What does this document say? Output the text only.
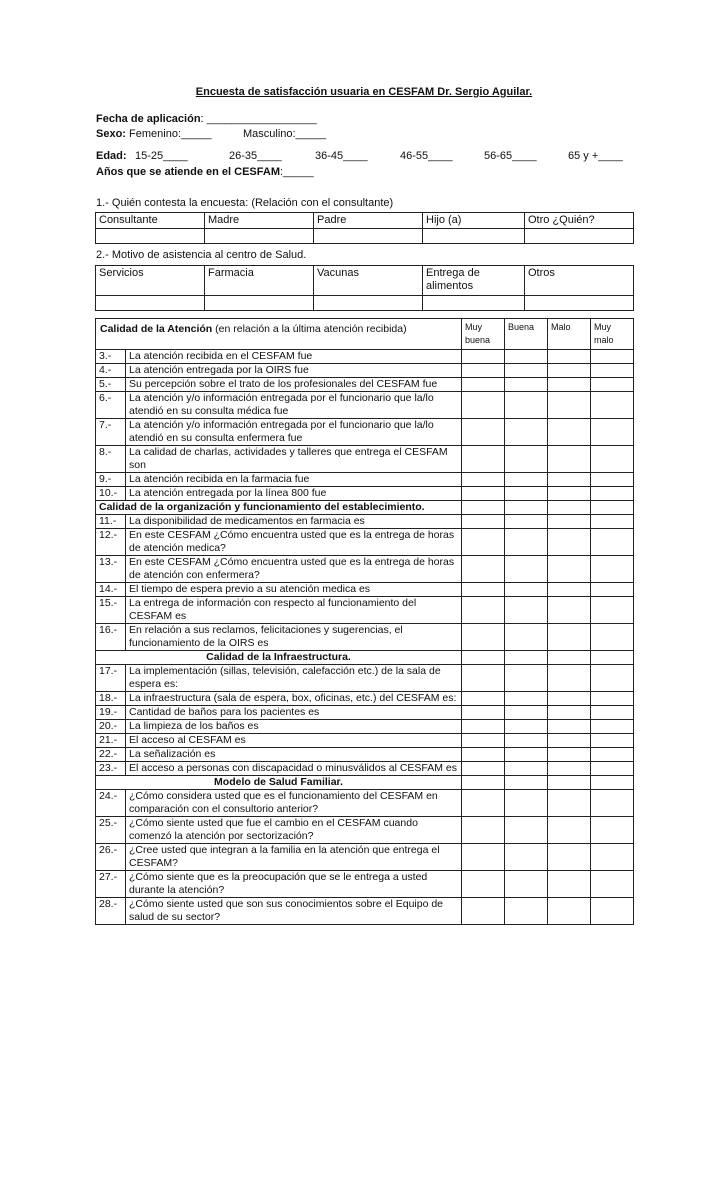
Encuesta de satisfacción usuaria en CESFAM Dr. Sergio Aguilar.
Fecha de aplicación: __________________
Sexo: Femenino:_____	Masculino:_____
Edad: 15-25____	26-35____	36-45____	46-55____	56-65____	65 y +____
Años que se atiende en el CESFAM:_____
1.- Quién contesta la encuesta: (Relación con el consultante)
Consultante	Madre	Padre	Hijo (a)	Otro ¿Quién?

2.- Motivo de asistencia al centro de Salud.
Servicios	Farmacia	Vacunas	Entrega de alimentos	Otros

Calidad de la Atención (en relación a la última atención recibida)		Muy buena	Buena	Malo	Muy malo
3.-	La atención recibida en el CESFAM fue				
4.-	La atención entregada por la OIRS fue				
5.-	Su percepción sobre el trato de los profesionales del CESFAM fue				
6.-	La atención y/o información entregada por el funcionario que la/lo atendió en su consulta médica fue				
7.-	La atención y/o información entregada por el funcionario que la/lo atendió en su consulta enfermera fue				
8.-	La calidad de charlas, actividades y talleres que entrega el CESFAM son				
9.-	La atención recibida en la farmacia fue				
10.-	La atención entregada por la línea 800 fue				
Calidad de la organización y funcionamiento del establecimiento.					
11.-	La disponibilidad de medicamentos en farmacia es				
12.-	En este CESFAM ¿Cómo encuentra usted que es la entrega de horas de atención medica?				
13.-	En este CESFAM ¿Cómo encuentra usted que es la entrega de horas de atención con enfermera?				
14.-	El tiempo de espera previo a su atención medica es				
15.-	La entrega de información con respecto al funcionamiento del CESFAM es				
16.-	En relación a sus reclamos, felicitaciones y sugerencias, el funcionamiento de la OIRS es				
Calidad de la Infraestructura.					
17.-	La implementación (sillas, televisión, calefacción etc.) de la sala de espera es:				
18.-	La infraestructura (sala de espera, box, oficinas, etc.) del CESFAM es:				
19.-	Cantidad de baños para los pacientes es				
20.-	La limpieza de los baños es				
21.-	El acceso al CESFAM es				
22.-	La señalización es				
23.-	El acceso a personas con discapacidad o minusválidos al CESFAM es				
Modelo de Salud Familiar.					
24.-	¿Cómo considera usted que es el funcionamiento del CESFAM en comparación con el consultorio anterior?				
25.-	¿Cómo siente usted que fue el cambio en el CESFAM cuando comenzó la atención por sectorización?				
26.-	¿Cree usted que integran a la familia en la atención que entrega el CESFAM?				
27.-	¿Cómo siente que es la preocupación que se le entrega a usted durante la atención?				
28.-	¿Cómo siente usted que son sus conocimientos sobre el Equipo de salud de su sector?				
